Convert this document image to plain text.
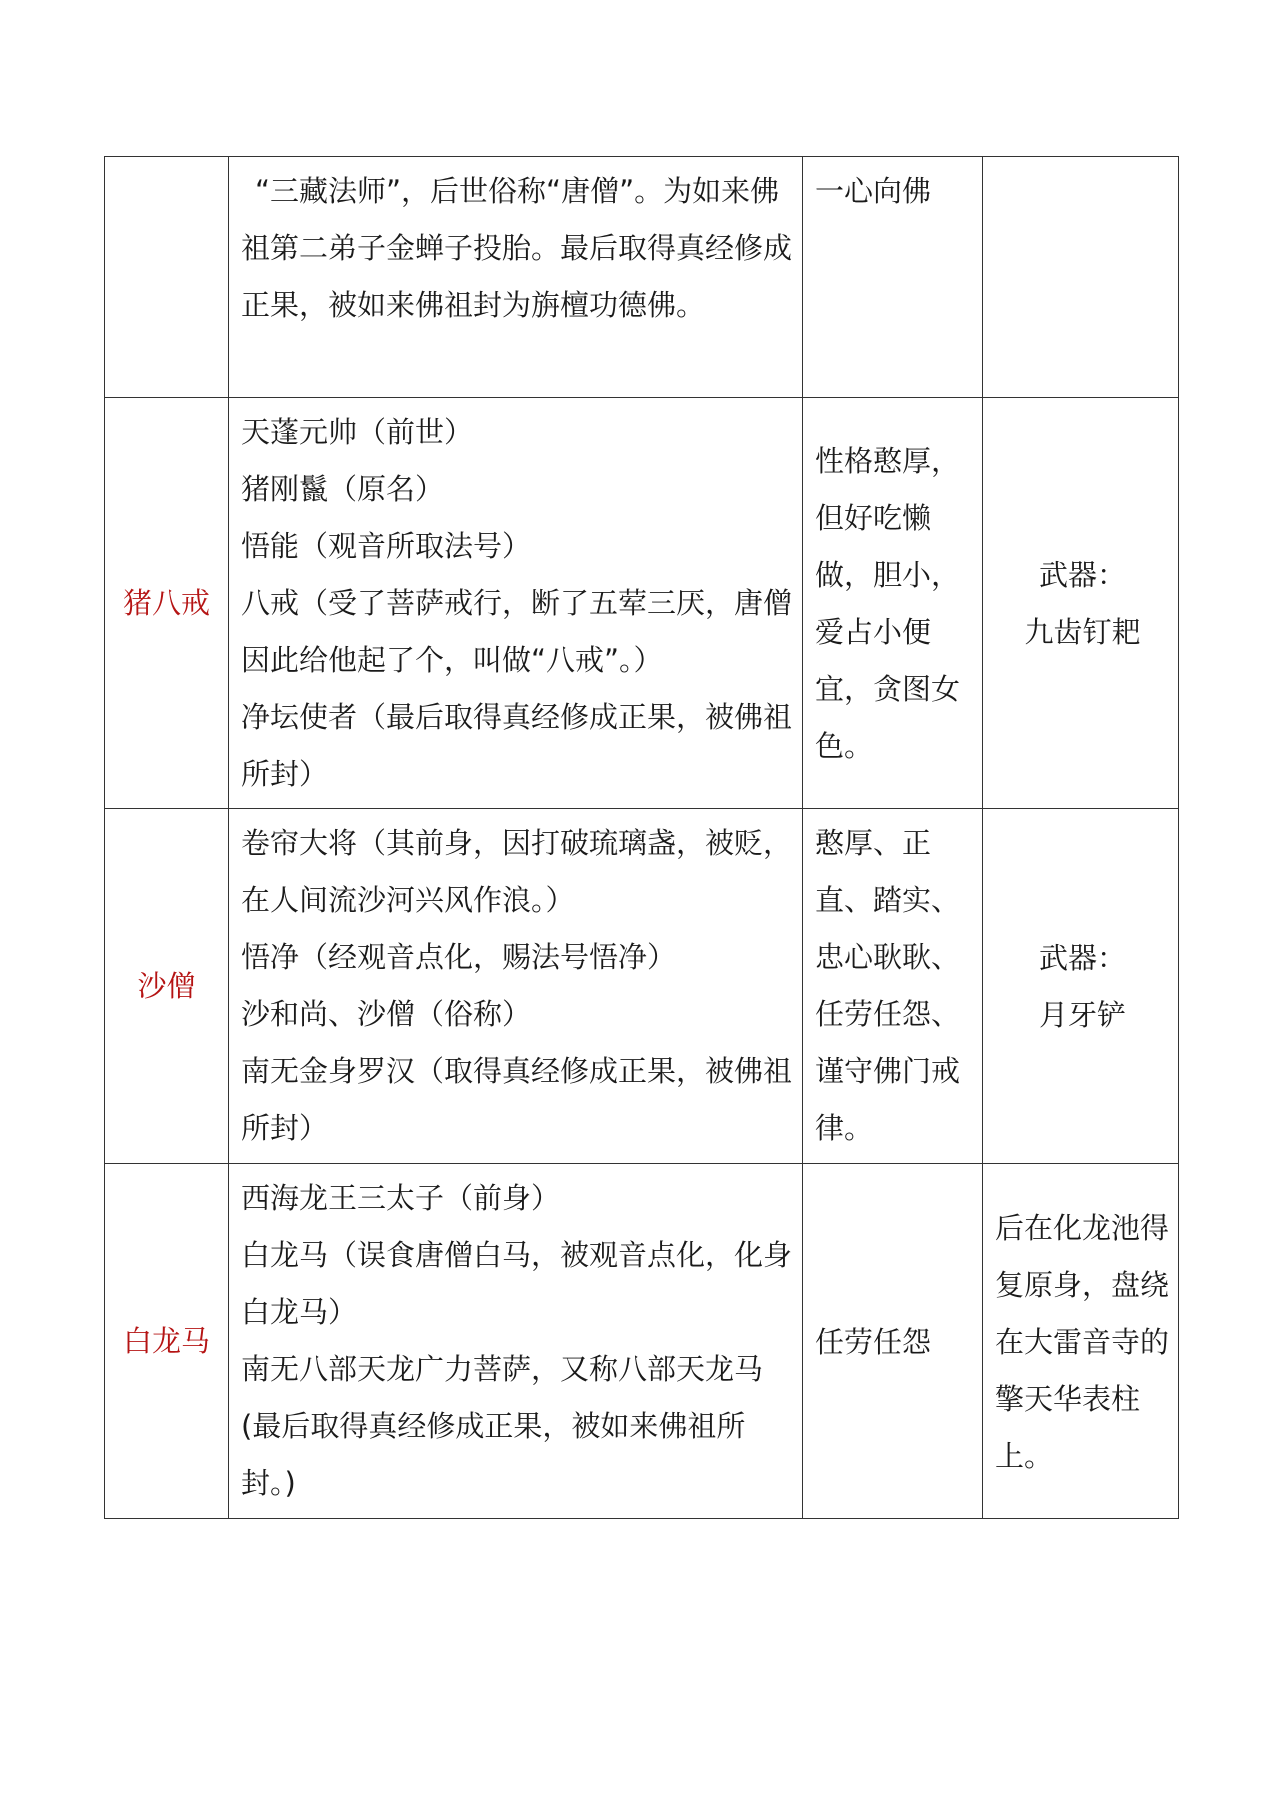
	“三藏法师”，后世俗称“唐僧”。为如来佛祖第二弟子金蝉子投胎。最后取得真经修成正果，被如来佛祖封为旃檀功德佛。	一心向佛	

猪八戒	天蓬元帅（前世）
猪刚鬣（原名）
悟能（观音所取法号）
八戒（受了菩萨戒行，断了五荤三厌，唐僧因此给他起了个，叫做“八戒”。）
净坛使者（最后取得真经修成正果，被佛祖所封）	性格憨厚，但好吃懒做，胆小，爱占小便宜，贪图女色。	武器：
九齿钉耙

沙僧	卷帘大将（其前身，因打破琉璃盏，被贬，在人间流沙河兴风作浪。）
悟净（经观音点化，赐法号悟净）
沙和尚、沙僧（俗称）
南无金身罗汉（取得真经修成正果，被佛祖所封）	憨厚、正直、踏实、忠心耿耿、任劳任怨、谨守佛门戒律。	武器：
月牙铲

白龙马	西海龙王三太子（前身）
白龙马（误食唐僧白马，被观音点化，化身白龙马）
南无八部天龙广力菩萨，又称八部天龙马(最后取得真经修成正果，被如来佛祖所封。)	任劳任怨	后在化龙池得复原身，盘绕在大雷音寺的擎天华表柱上。
